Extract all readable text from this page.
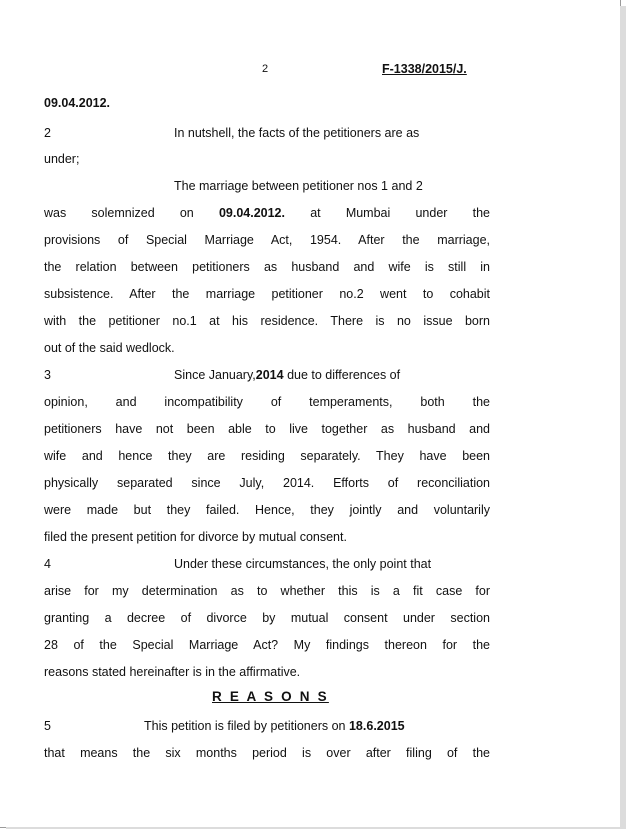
2	F-1338/2015/J.
09.04.2012.
2	In nutshell, the facts of the petitioners are as
under;
The marriage between petitioner nos 1 and 2
was solemnized on 09.04.2012. at Mumbai under the
provisions of Special Marriage Act, 1954. After the marriage,
the relation between petitioners as husband and wife is still in
subsistence. After the marriage petitioner no.2 went to cohabit
with the petitioner no.1 at his residence. There is no issue born
out of the said wedlock.
3	Since January,2014 due to differences of
opinion, and incompatibility of temperaments, both the
petitioners have not been able to live together as husband and
wife and hence they are residing separately. They have been
physically separated since July, 2014. Efforts of reconciliation
were made but they failed. Hence, they jointly and voluntarily
filed the present petition for divorce by mutual consent.
4	Under these circumstances, the only point that
arise for my determination as to whether this is a fit case for
granting a decree of divorce by mutual consent under section
28 of the Special Marriage Act? My findings thereon for the
reasons stated hereinafter is in the affirmative.
R E A S O N S
5	This petition is filed by petitioners on 18.6.2015
that means the six months period is over after filing of the
